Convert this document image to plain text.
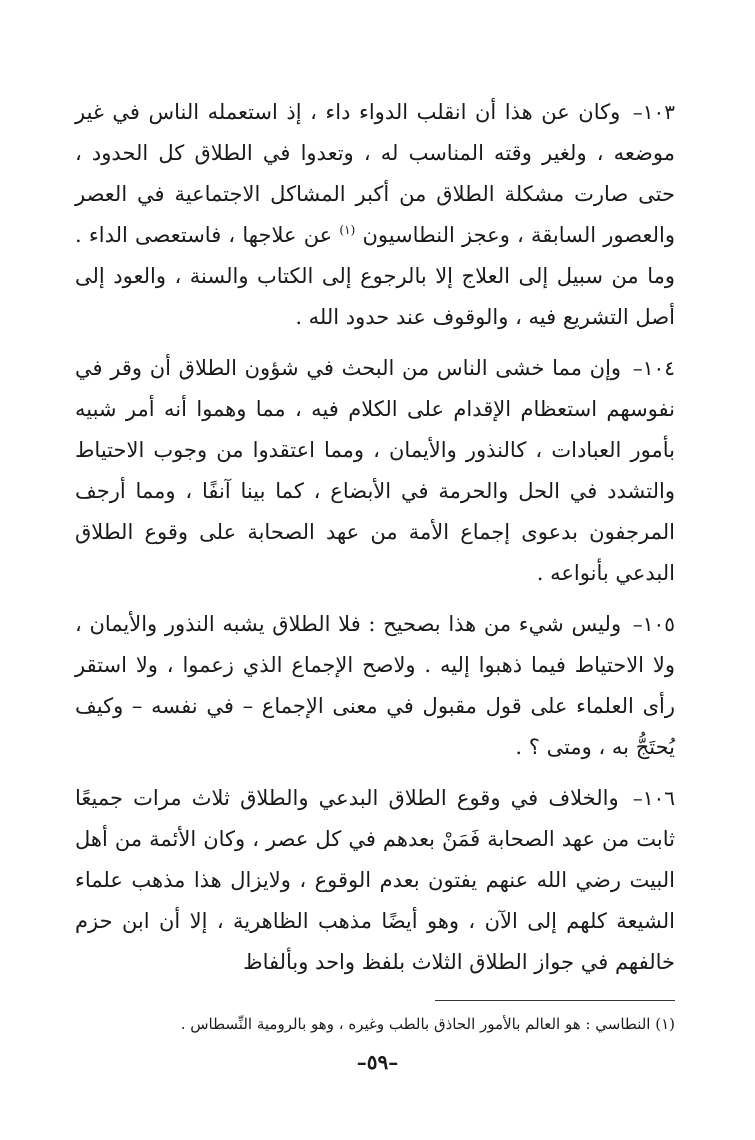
١٠٣– وكان عن هذا أن انقلب الدواء داء ، إذ استعمله الناس في غير موضعه ، ولغير وقته المناسب له ، وتعدوا في الطلاق كل الحدود ، حتى صارت مشكلة الطلاق من أكبر المشاكل الاجتماعية في العصر والعصور السابقة ، وعجز النطاسيون $^{(١)}$ عن علاجها ، فاستعصى الداء . وما من سبيل إلى العلاج إلا بالرجوع إلى الكتاب والسنة ، والعود إلى أصل التشريع فيه ، والوقوف عند حدود الله .

١٠٤– وإن مما خشى الناس من البحث في شؤون الطلاق أن وقر في نفوسهم استعظام الإقدام على الكلام فيه ، مما وهموا أنه أمر شبيه بأمور العبادات ، كالنذور والأيمان ، ومما اعتقدوا من وجوب الاحتياط والتشدد في الحل والحرمة في الأبضاع ، كما بينا آنفًا ، ومما أرجف المرجفون بدعوى إجماع الأمة من عهد الصحابة على وقوع الطلاق البدعي بأنواعه .

١٠٥– وليس شيء من هذا بصحيح : فلا الطلاق يشبه النذور والأيمان ، ولا الاحتياط فيما ذهبوا إليه . ولاصح الإجماع الذي زعموا ، ولا استقر رأى العلماء على قول مقبول في معنى الإجماع – في نفسه – وكيف يُحتَجُّ به ، ومتى ؟ .

١٠٦– والخلاف في وقوع الطلاق البدعي والطلاق ثلاث مرات جميعًا ثابت من عهد الصحابة فَمَنْ بعدهم في كل عصر ، وكان الأئمة من أهل البيت رضي الله عنهم يفتون بعدم الوقوع ، ولايزال هذا مذهب علماء الشيعة كلهم إلى الآن ، وهو أيضًا مذهب الظاهرية ، إلا أن ابن حزم خالفهم في جواز الطلاق الثلاث بلفظ واحد وبألفاظ

(١) النطاسي : هو العالم بالأمور الحاذق بالطب وغيره ، وهو بالرومية النِّسطاس .
–٥٩–
